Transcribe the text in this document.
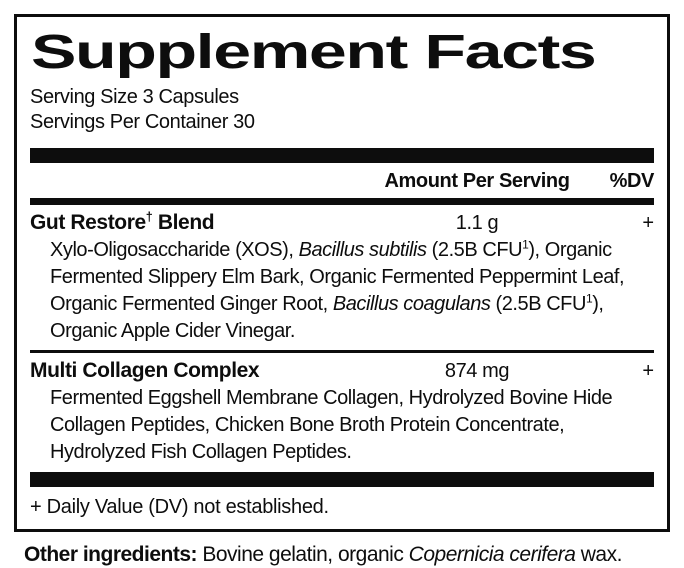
Supplement Facts
Serving Size 3 Capsules
Servings Per Container 30
Amount Per Serving	%DV
Gut Restore† Blend	1.1 g	+
Xylo-Oligosaccharide (XOS), Bacillus subtilis (2.5B CFU$^1$), Organic Fermented Slippery Elm Bark, Organic Fermented Peppermint Leaf, Organic Fermented Ginger Root, Bacillus coagulans (2.5B CFU$^1$), Organic Apple Cider Vinegar.
Multi Collagen Complex	874 mg	+
Fermented Eggshell Membrane Collagen, Hydrolyzed Bovine Hide Collagen Peptides, Chicken Bone Broth Protein Concentrate, Hydrolyzed Fish Collagen Peptides.
+ Daily Value (DV) not established.
Other ingredients: Bovine gelatin, organic Copernicia cerifera wax.
